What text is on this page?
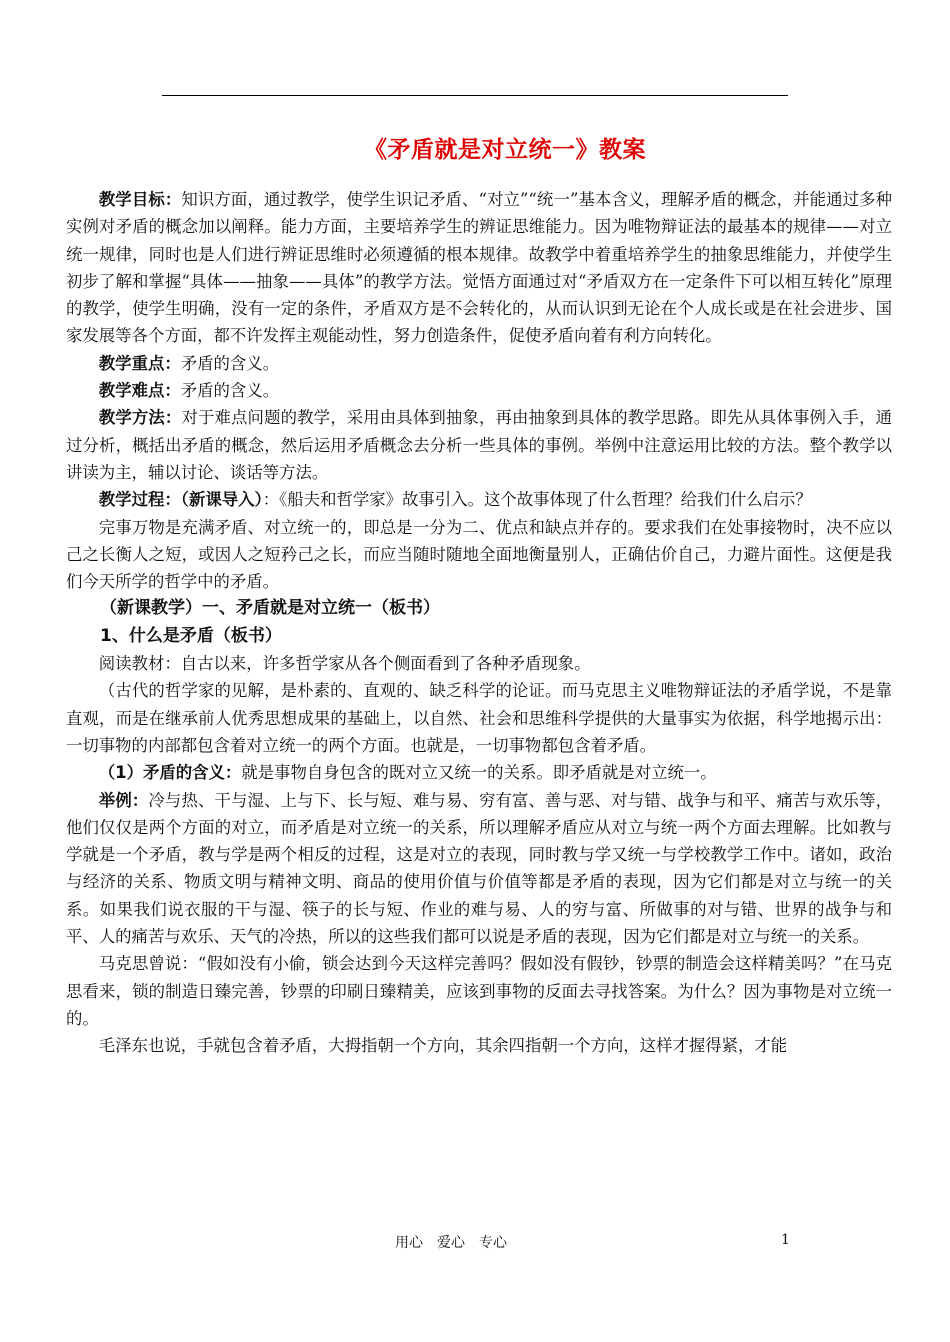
《矛盾就是对立统一》教案

教学目标：知识方面，通过教学，使学生识记矛盾、“对立”“统一”基本含义，理解矛盾的概念，并能通过多种实例对矛盾的概念加以阐释。能力方面，主要培养学生的辨证思维能力。因为唯物辩证法的最基本的规律——对立统一规律，同时也是人们进行辨证思维时必须遵循的根本规律。故教学中着重培养学生的抽象思维能力，并使学生初步了解和掌握“具体——抽象——具体”的教学方法。觉悟方面通过对“矛盾双方在一定条件下可以相互转化”原理的教学，使学生明确，没有一定的条件，矛盾双方是不会转化的，从而认识到无论在个人成长或是在社会进步、国家发展等各个方面，都不许发挥主观能动性，努力创造条件，促使矛盾向着有利方向转化。

教学重点：矛盾的含义。

教学难点：矛盾的含义。

教学方法：对于难点问题的教学，采用由具体到抽象，再由抽象到具体的教学思路。即先从具体事例入手，通过分析，概括出矛盾的概念，然后运用矛盾概念去分析一些具体的事例。举例中注意运用比较的方法。整个教学以讲读为主，辅以讨论、谈话等方法。

教学过程：（新课导入）：《船夫和哲学家》故事引入。这个故事体现了什么哲理？给我们什么启示？

完事万物是充满矛盾、对立统一的，即总是一分为二、优点和缺点并存的。要求我们在处事接物时，决不应以己之长衡人之短，或因人之短矜己之长，而应当随时随地全面地衡量别人，正确估价自己，力避片面性。这便是我们今天所学的哲学中的矛盾。

（新课教学）一、矛盾就是对立统一（板书）

1、什么是矛盾（板书）

阅读教材：自古以来，许多哲学家从各个侧面看到了各种矛盾现象。

（古代的哲学家的见解，是朴素的、直观的、缺乏科学的论证。而马克思主义唯物辩证法的矛盾学说，不是靠直观，而是在继承前人优秀思想成果的基础上，以自然、社会和思维科学提供的大量事实为依据，科学地揭示出：一切事物的内部都包含着对立统一的两个方面。也就是，一切事物都包含着矛盾。

（1）矛盾的含义：就是事物自身包含的既对立又统一的关系。即矛盾就是对立统一。

举例：冷与热、干与湿、上与下、长与短、难与易、穷有富、善与恶、对与错、战争与和平、痛苦与欢乐等，他们仅仅是两个方面的对立，而矛盾是对立统一的关系，所以理解矛盾应从对立与统一两个方面去理解。比如教与学就是一个矛盾，教与学是两个相反的过程，这是对立的表现，同时教与学又统一与学校教学工作中。诸如，政治与经济的关系、物质文明与精神文明、商品的使用价值与价值等都是矛盾的表现，因为它们都是对立与统一的关系。如果我们说衣服的干与湿、筷子的长与短、作业的难与易、人的穷与富、所做事的对与错、世界的战争与和平、人的痛苦与欢乐、天气的冷热，所以的这些我们都可以说是矛盾的表现，因为它们都是对立与统一的关系。

马克思曾说：“假如没有小偷，锁会达到今天这样完善吗？假如没有假钞，钞票的制造会这样精美吗？”在马克思看来，锁的制造日臻完善，钞票的印刷日臻精美，应该到事物的反面去寻找答案。为什么？因为事物是对立统一的。

毛泽东也说，手就包含着矛盾，大拇指朝一个方向，其余四指朝一个方向，这样才握得紧，才能

用心　爱心　专心	1
